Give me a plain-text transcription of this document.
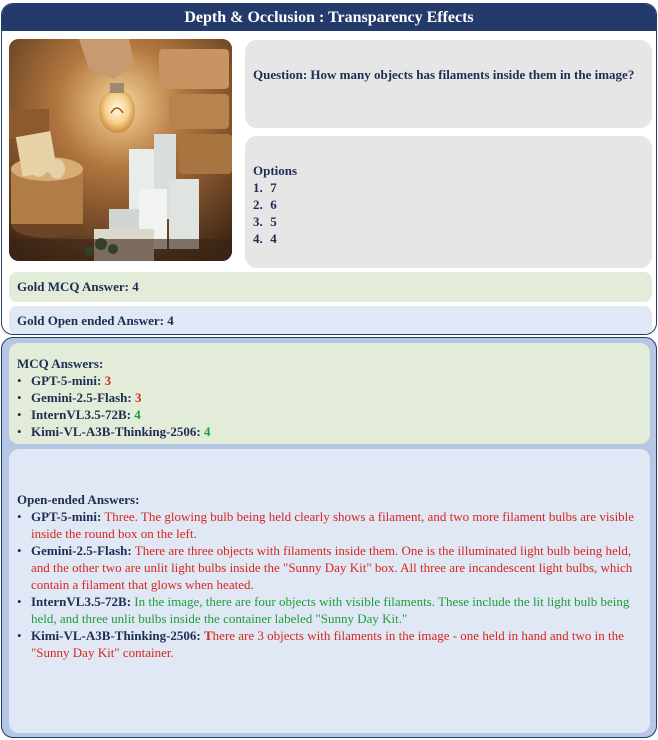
Depth & Occlusion : Transparency Effects
Question: How many objects has filaments inside them in the image?
Options
1. 7
2. 6
3. 5
4. 4
Gold MCQ Answer: 4
Gold Open ended Answer: 4
MCQ Answers:
• GPT-5-mini: 3
• Gemini-2.5-Flash: 3
• InternVL3.5-72B: 4
• Kimi-VL-A3B-Thinking-2506: 4
Open-ended Answers:
• GPT-5-mini: Three. The glowing bulb being held clearly shows a filament, and two more filament bulbs are visible inside the round box on the left.
• Gemini-2.5-Flash: There are three objects with filaments inside them. One is the illuminated light bulb being held, and the other two are unlit light bulbs inside the "Sunny Day Kit" box. All three are incandescent light bulbs, which contain a filament that glows when heated.
• InternVL3.5-72B: In the image, there are four objects with visible filaments. These include the lit light bulb being held, and three unlit bulbs inside the container labeled "Sunny Day Kit."
• Kimi-VL-A3B-Thinking-2506: There are 3 objects with filaments in the image - one held in hand and two in the "Sunny Day Kit" container.
